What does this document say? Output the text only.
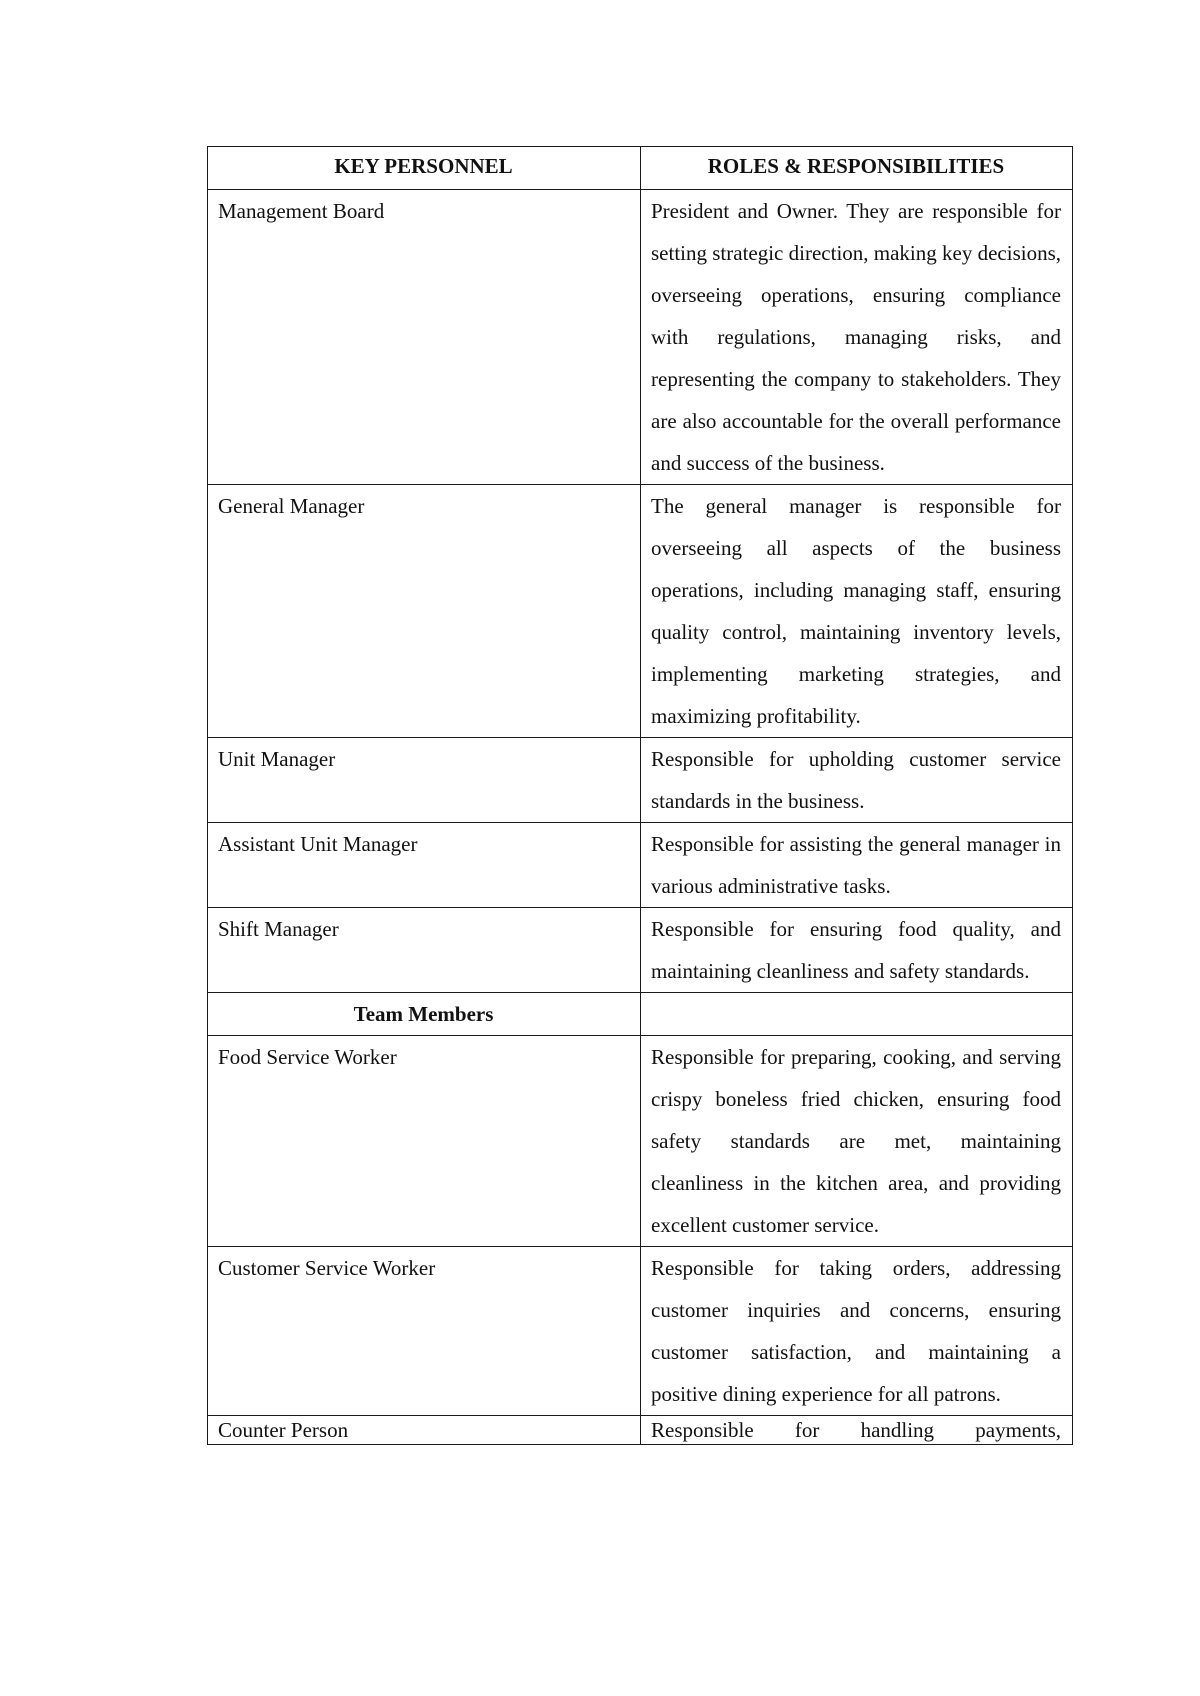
KEY PERSONNEL	ROLES & RESPONSIBILITIES
Management Board	President and Owner. They are responsible for setting strategic direction, making key decisions, overseeing operations, ensuring compliance with regulations, managing risks, and representing the company to stakeholders. They are also accountable for the overall performance and success of the business.
General Manager	The general manager is responsible for overseeing all aspects of the business operations, including managing staff, ensuring quality control, maintaining inventory levels, implementing marketing strategies, and maximizing profitability.
Unit Manager	Responsible for upholding customer service standards in the business.
Assistant Unit Manager	Responsible for assisting the general manager in various administrative tasks.
Shift Manager	Responsible for ensuring food quality, and maintaining cleanliness and safety standards.
Team Members	
Food Service Worker	Responsible for preparing, cooking, and serving crispy boneless fried chicken, ensuring food safety standards are met, maintaining cleanliness in the kitchen area, and providing excellent customer service.
Customer Service Worker	Responsible for taking orders, addressing customer inquiries and concerns, ensuring customer satisfaction, and maintaining a positive dining experience for all patrons.

Counter Person	Responsible for handling payments,
